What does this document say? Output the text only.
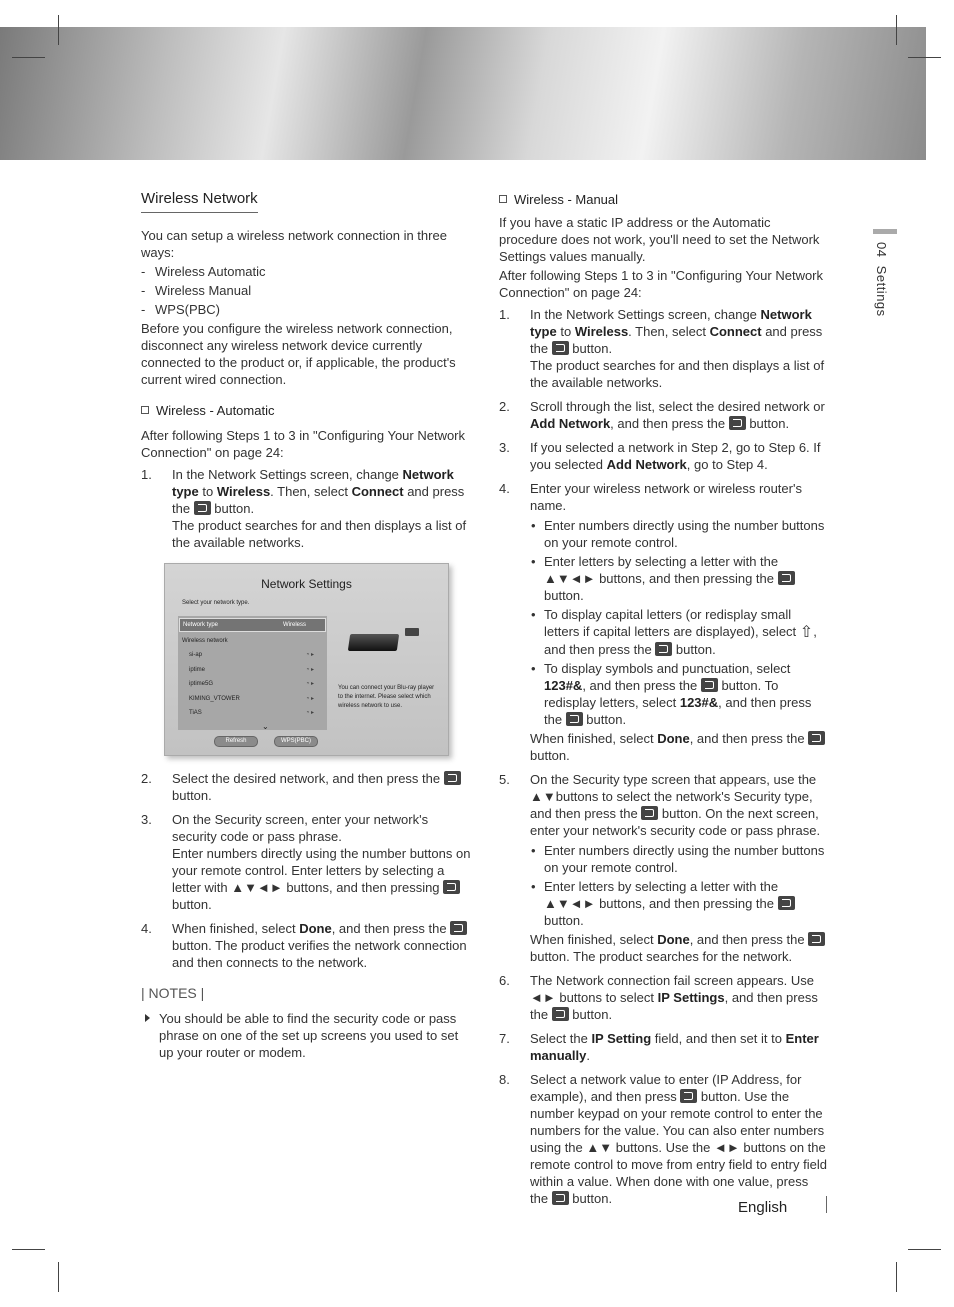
04  Settings
Wireless Network

You can setup a wireless network connection in three ways:

- Wireless Automatic
- Wireless Manual
- WPS(PBC)

Before you configure the wireless network connection, disconnect any wireless network device currently connected to the product or, if applicable, the product's current wired connection.

Wireless - Automatic

After following Steps 1 to 3 in "Configuring Your Network Connection" on page 24:

1. In the Network Settings screen, change Network type to Wireless. Then, select Connect and press the  button.
The product searches for and then displays a list of the available networks.
Network Settings
Select your network type.
Network type	Wireless
Wireless network
si-ap	◔ ▸
iptime	◔ ▸
iptime5G	◔ ▸
KIMING_VTOWER	◔ ▸
TiAS	◔ ▸
⌄
Refresh	WPS(PBC)
You can connect your Blu-ray player to the internet. Please select which wireless network to use.
2. Select the desired network, and then press the  button.
3. On the Security screen, enter your network's security code or pass phrase.
Enter numbers directly using the number buttons on your remote control. Enter letters by selecting a letter with ▲▼◄► buttons, and then pressing  button.
4. When finished, select Done, and then press the  button. The product verifies the network connection and then connects to the network.
| NOTES |
You should be able to find the security code or pass phrase on one of the set up screens you used to set up your router or modem.
Wireless - Manual

If you have a static IP address or the Automatic procedure does not work, you'll need to set the Network Settings values manually.

After following Steps 1 to 3 in "Configuring Your Network Connection" on page 24:

1. In the Network Settings screen, change Network type to Wireless. Then, select Connect and press the  button.
The product searches for and then displays a list of the available networks.
2. Scroll through the list, select the desired network or Add Network, and then press the  button.
3. If you selected a network in Step 2, go to Step 6. If you selected Add Network, go to Step 4.
4. Enter your wireless network or wireless router's name.
• Enter numbers directly using the number buttons on your remote control.
• Enter letters by selecting a letter with the ▲▼◄► buttons, and then pressing the  button.
• To display capital letters (or redisplay small letters if capital letters are displayed), select ⇧, and then press the  button.
• To display symbols and punctuation, select 123#&, and then press the  button. To redisplay letters, select 123#&, and then press the  button.
When finished, select Done, and then press the  button.
5. On the Security type screen that appears, use the ▲▼buttons to select the network's Security type, and then press the  button. On the next screen, enter your network's security code or pass phrase.
• Enter numbers directly using the number buttons on your remote control.
• Enter letters by selecting a letter with the ▲▼◄► buttons, and then pressing the  button.
When finished, select Done, and then press the  button. The product searches for the network.
6. The Network connection fail screen appears. Use ◄► buttons to select IP Settings, and then press the  button.
7. Select the IP Setting field, and then set it to Enter manually.
8. Select a network value to enter (IP Address, for example), and then press  button. Use the number keypad on your remote control to enter the numbers for the value. You can also enter numbers using the ▲▼ buttons. Use the ◄► buttons on the remote control to move from entry field to entry field within a value. When done with one value, press the  button.
English
